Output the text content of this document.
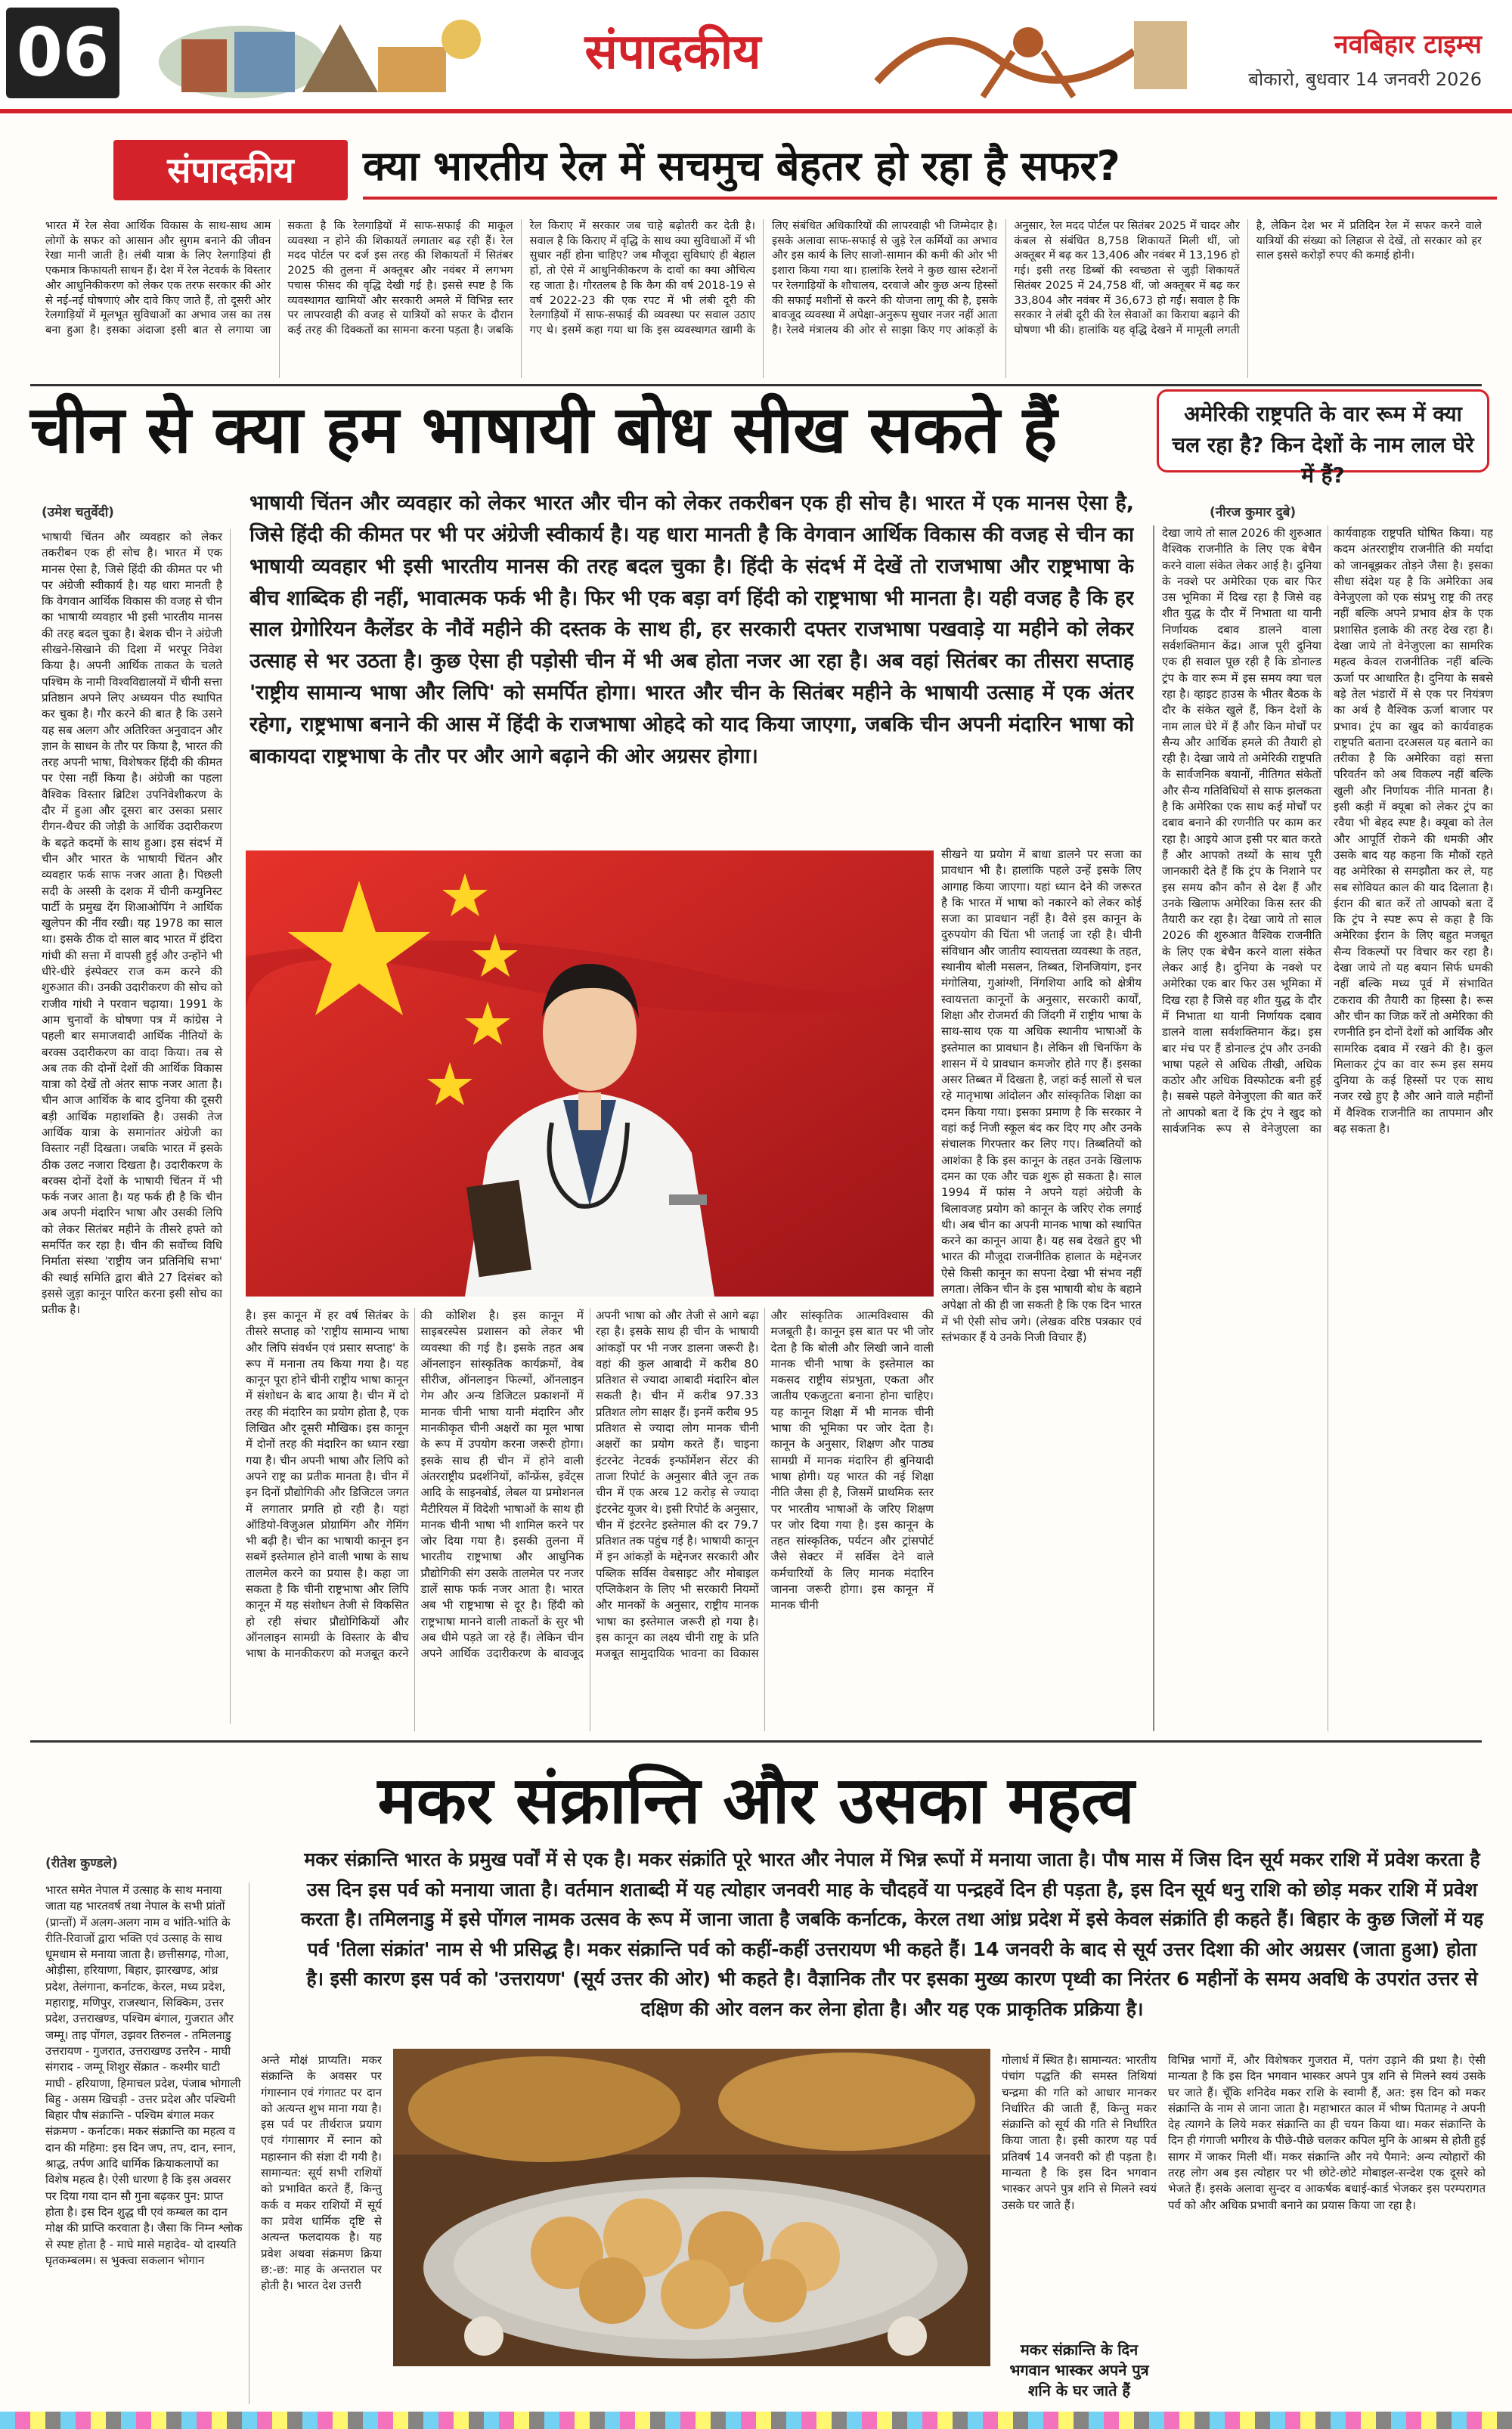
06	संपादकीय	नवबिहार टाइम्स
बोकारो, बुधवार 14 जनवरी 2026
संपादकीय	क्या भारतीय रेल में सचमुच बेहतर हो रहा है सफर?
भारत में रेल सेवा आर्थिक विकास के साथ-साथ आम लोगों के सफर को आसान और सुगम बनाने की जीवन रेखा मानी जाती है। लंबी यात्रा के लिए रेलगाड़ियां ही एकमात्र किफायती साधन हैं। देश में रेल नेटवर्क के विस्तार और आधुनिकीकरण को लेकर एक तरफ सरकार की ओर से नई-नई घोषणाएं और दावे किए जाते हैं, तो दूसरी ओर रेलगाड़ियों में मूलभूत सुविधाओं का अभाव जस का तस बना हुआ है। इसका अंदाजा इसी बात से लगाया जा सकता है कि रेलगाड़ियों में साफ-सफाई की माकूल व्यवस्था न होने की शिकायतें लगातार बढ़ रही हैं। रेल मदद पोर्टल पर दर्ज इस तरह की शिकायतों में सितंबर 2025 की तुलना में अक्तूबर और नवंबर में लगभग पचास फीसद की वृद्धि देखी गई है। इससे स्पष्ट है कि व्यवस्थागत खामियों और सरकारी अमले में विभिन्न स्तर पर लापरवाही की वजह से यात्रियों को सफर के दौरान कई तरह की दिक्कतों का सामना करना पड़ता है। जबकि रेल किराए में सरकार जब चाहे बढ़ोतरी कर देती है। सवाल है कि किराए में वृद्धि के साथ क्या सुविधाओं में भी सुधार नहीं होना चाहिए? जब मौजूदा सुविधाएं ही बेहाल हों, तो ऐसे में आधुनिकीकरण के दावों का क्या औचित्य रह जाता है। गौरतलब है कि कैग की वर्ष 2018-19 से वर्ष 2022-23 की एक रपट में भी लंबी दूरी की रेलगाड़ियों में साफ-सफाई की व्यवस्था पर सवाल उठाए गए थे। इसमें कहा गया था कि इस व्यवस्थागत खामी के लिए संबंधित अधिकारियों की लापरवाही भी जिम्मेदार है। इसके अलावा साफ-सफाई से जुड़े रेल कर्मियों का अभाव और इस कार्य के लिए साजो-सामान की कमी की ओर भी इशारा किया गया था। हालांकि रेलवे ने कुछ खास स्टेशनों पर रेलगाड़ियों के शौचालय, दरवाजे और कुछ अन्य हिस्सों की सफाई मशीनों से करने की योजना लागू की है, इसके बावजूद व्यवस्था में अपेक्षा-अनुरूप सुधार नजर नहीं आता है। रेलवे मंत्रालय की ओर से साझा किए गए आंकड़ों के अनुसार, रेल मदद पोर्टल पर सितंबर 2025 में चादर और कंबल से संबंधित 8,758 शिकायतें मिली थीं, जो अक्तूबर में बढ़ कर 13,406 और नवंबर में 13,196 हो गई। इसी तरह डिब्बों की स्वच्छता से जुड़ी शिकायतें सितंबर 2025 में 24,758 थीं, जो अक्तूबर में बढ़ कर 33,804 और नवंबर में 36,673 हो गईं। सवाल है कि सरकार ने लंबी दूरी की रेल सेवाओं का किराया बढ़ाने की घोषणा भी की। हालांकि यह वृद्धि देखने में मामूली लगती है, लेकिन देश भर में प्रतिदिन रेल में सफर करने वाले यात्रियों की संख्या को लिहाज से देखें, तो सरकार को हर साल इससे करोड़ों रुपए की कमाई होनी।
चीन से क्या हम भाषायी बोध सीख सकते हैं
(उमेश चतुर्वेदी)	भाषायी चिंतन और व्यवहार को लेकर भारत और चीन को लेकर तकरीबन एक ही सोच है। भारत में एक मानस ऐसा है, जिसे हिंदी की कीमत पर भी पर अंग्रेजी स्वीकार्य है। यह धारा मानती है कि वेगवान आर्थिक विकास की वजह से चीन का भाषायी व्यवहार भी इसी भारतीय मानस की तरह बदल चुका है। हिंदी के संदर्भ में देखें तो राजभाषा और राष्ट्रभाषा के बीच शाब्दिक ही नहीं, भावात्मक फर्क भी है। फिर भी एक बड़ा वर्ग हिंदी को राष्ट्रभाषा भी मानता है। यही वजह है कि हर साल ग्रेगोरियन कैलेंडर के नौवें महीने की दस्तक के साथ ही, हर सरकारी दफ्तर राजभाषा पखवाड़े या महीने को लेकर उत्साह से भर उठता है। कुछ ऐसा ही पड़ोसी चीन में भी अब होता नजर आ रहा है। अब वहां सितंबर का तीसरा सप्ताह 'राष्ट्रीय सामान्य भाषा और लिपि' को समर्पित होगा। भारत और चीन के सितंबर महीने के भाषायी उत्साह में एक अंतर रहेगा, राष्ट्रभाषा बनाने की आस में हिंदी के राजभाषा ओहदे को याद किया जाएगा, जबकि चीन अपनी मंदारिन भाषा को बाकायदा राष्ट्रभाषा के तौर पर और आगे बढ़ाने की ओर अग्रसर होगा।
भाषायी चिंतन और व्यवहार को लेकर तकरीबन एक ही सोच है। भारत में एक मानस ऐसा है, जिसे हिंदी की कीमत पर भी पर अंग्रेजी स्वीकार्य है। यह धारा मानती है कि वेगवान आर्थिक विकास की वजह से चीन का भाषायी व्यवहार भी इसी भारतीय मानस की तरह बदल चुका है। बेशक चीन ने अंग्रेजी सीखने-सिखाने की दिशा में भरपूर निवेश किया है। अपनी आर्थिक ताकत के चलते पश्चिम के नामी विश्वविद्यालयों में चीनी सत्ता प्रतिष्ठान अपने लिए अध्ययन पीठ स्थापित कर चुका है। गौर करने की बात है कि उसने यह सब अलग और अतिरिक्त अनुवादन और ज्ञान के साधन के तौर पर किया है, भारत की तरह अपनी भाषा, विशेषकर हिंदी की कीमत पर ऐसा नहीं किया है। अंग्रेजी का पहला वैश्विक विस्तार ब्रिटिश उपनिवेशीकरण के दौर में हुआ और दूसरा बार उसका प्रसार रीगन-थैचर की जोड़ी के आर्थिक उदारीकरण के बढ़ते कदमों के साथ हुआ। इस संदर्भ में चीन और भारत के भाषायी चिंतन और व्यवहार फर्क साफ नजर आता है। पिछली सदी के अस्सी के दशक में चीनी कम्युनिस्ट पार्टी के प्रमुख देंग शिआओपिंग ने आर्थिक खुलेपन की नींव रखी। यह 1978 का साल था। इसके ठीक दो साल बाद भारत में इंदिरा गांधी की सत्ता में वापसी हुई और उन्होंने भी धीरे-धीरे इंस्पेक्टर राज कम करने की शुरुआत की। उनकी उदारीकरण की सोच को राजीव गांधी ने परवान चढ़ाया। 1991 के आम चुनावों के घोषणा पत्र में कांग्रेस ने पहली बार समाजवादी आर्थिक नीतियों के बरक्स उदारीकरण का वादा किया। तब से अब तक की दोनों देशों की आर्थिक विकास यात्रा को देखें तो अंतर साफ नजर आता है। चीन आज आर्थिक के बाद दुनिया की दूसरी बड़ी आर्थिक महाशक्ति है। उसकी तेज आर्थिक यात्रा के समानांतर अंग्रेजी का विस्तार नहीं दिखता। जबकि भारत में इसके ठीक उलट नजारा दिखता है। उदारीकरण के बरक्स दोनों देशों के भाषायी चिंतन में भी फर्क नजर आता है। यह फर्क ही है कि चीन अब अपनी मंदारिन भाषा और उसकी लिपि को लेकर सितंबर महीने के तीसरे हफ्ते को समर्पित कर रहा है। चीन की सर्वोच्च विधि निर्माता संस्था 'राष्ट्रीय जन प्रतिनिधि सभा' की स्थाई समिति द्वारा बीते 27 दिसंबर को इससे जुड़ा कानून पारित करना इसी सोच का प्रतीक है।
सीखने या प्रयोग में बाधा डालने पर सजा का प्रावधान भी है। हालांकि पहले उन्हें इसके लिए आगाह किया जाएगा। यहां ध्यान देने की जरूरत है कि भारत में भाषा को नकारने को लेकर कोई सजा का प्रावधान नहीं है। वैसे इस कानून के दुरुपयोग की चिंता भी जताई जा रही है। चीनी संविधान और जातीय स्वायत्तता व्यवस्था के तहत, स्थानीय बोली मसलन, तिब्बत, शिनजियांग, इनर मंगोलिया, गुआंग्शी, निंगशिया आदि को क्षेत्रीय स्वायत्तता कानूनों के अनुसार, सरकारी कार्यों, शिक्षा और रोजमर्रा की जिंदगी में राष्ट्रीय भाषा के साथ-साथ एक या अधिक स्थानीय भाषाओं के इस्तेमाल का प्रावधान है। लेकिन शी चिनफिंग के शासन में ये प्रावधान कमजोर होते गए हैं। इसका असर तिब्बत में दिखता है, जहां कई सालों से चल रहे मातृभाषा आंदोलन और सांस्कृतिक शिक्षा का दमन किया गया। इसका प्रमाण है कि सरकार ने वहां कई निजी स्कूल बंद कर दिए गए और उनके संचालक गिरफ्तार कर लिए गए। तिब्बतियों को आशंका है कि इस कानून के तहत उनके खिलाफ दमन का एक और चक्र शुरू हो सकता है। साल 1994 में फांस ने अपने यहां अंग्रेजी के बिलावजह प्रयोग को कानून के जरिए रोक लगाई थी। अब चीन का अपनी मानक भाषा को स्थापित करने का कानून आया है। यह सब देखते हुए भी भारत की मौजूदा राजनीतिक हालात के मद्देनजर ऐसे किसी कानून का सपना देखा भी संभव नहीं लगता। लेकिन चीन के इस भाषायी बोध के बहाने अपेक्षा तो की ही जा सकती है कि एक दिन भारत में भी ऐसी सोच जगे। (लेखक वरिष्ठ पत्रकार एवं स्तंभकार हैं ये उनके निजी विचार हैं)
है। इस कानून में हर वर्ष सितंबर के तीसरे सप्ताह को 'राष्ट्रीय सामान्य भाषा और लिपि संवर्धन एवं प्रसार सप्ताह' के रूप में मनाना तय किया गया है। यह कानून पूरा होने चीनी राष्ट्रीय भाषा कानून में संशोधन के बाद आया है। चीन में दो तरह की मंदारिन का प्रयोग होता है, एक लिखित और दूसरी मौखिक। इस कानून में दोनों तरह की मंदारिन का ध्यान रखा गया है। चीन अपनी भाषा और लिपि को अपने राष्ट्र का प्रतीक मानता है। चीन में इन दिनों प्रौद्योगिकी और डिजिटल जगत में लगातार प्रगति हो रही है। यहां ऑडियो-विजुअल प्रोग्रामिंग और गेमिंग भी बढ़ी है। चीन का भाषायी कानून इन सबमें इस्तेमाल होने वाली भाषा के साथ तालमेल करने का प्रयास है। कहा जा सकता है कि चीनी राष्ट्रभाषा और लिपि कानून में यह संशोधन तेजी से विकसित हो रही संचार प्रौद्योगिकियों और ऑनलाइन सामग्री के विस्तार के बीच भाषा के मानकीकरण को मजबूत करने की कोशिश है। इस कानून में साइबरस्पेस प्रशासन को लेकर भी व्यवस्था की गई है। इसके तहत अब ऑनलाइन सांस्कृतिक कार्यक्रमों, वेब सीरीज, ऑनलाइन फिल्मों, ऑनलाइन गेम और अन्य डिजिटल प्रकाशनों में मानक चीनी भाषा यानी मंदारिन और मानकीकृत चीनी अक्षरों का मूल भाषा के रूप में उपयोग करना जरूरी होगा। इसके साथ ही चीन में होने वाली अंतरराष्ट्रीय प्रदर्शनियों, कॉन्फ्रेंस, इवेंट्स आदि के साइनबोर्ड, लेबल या प्रमोशनल मैटीरियल में विदेशी भाषाओं के साथ ही मानक चीनी भाषा भी शामिल करने पर जोर दिया गया है। इसकी तुलना में भारतीय राष्ट्रभाषा और आधुनिक प्रौद्योगिकी संग उसके तालमेल पर नजर डालें साफ फर्क नजर आता है। भारत अब भी राष्ट्रभाषा से दूर है। हिंदी को राष्ट्रभाषा मानने वाली ताकतों के सुर भी अब धीमे पड़ते जा रहे हैं। लेकिन चीन अपने आर्थिक उदारीकरण के बावजूद अपनी भाषा को और तेजी से आगे बढ़ा रहा है। इसके साथ ही चीन के भाषायी आंकड़ों पर भी नजर डालना जरूरी है। वहां की कुल आबादी में करीब 80 प्रतिशत से ज्यादा आबादी मंदारिन बोल सकती है। चीन में करीब 97.33 प्रतिशत लोग साक्षर हैं। इनमें करीब 95 प्रतिशत से ज्यादा लोग मानक चीनी अक्षरों का प्रयोग करते हैं। चाइना इंटरनेट नेटवर्क इन्फॉर्मेशन सेंटर की ताजा रिपोर्ट के अनुसार बीते जून तक चीन में एक अरब 12 करोड़ से ज्यादा इंटरनेट यूजर थे। इसी रिपोर्ट के अनुसार, चीन में इंटरनेट इस्तेमाल की दर 79.7 प्रतिशत तक पहुंच गई है। भाषायी कानून में इन आंकड़ों के मद्देनजर सरकारी और पब्लिक सर्विस वेबसाइट और मोबाइल एप्लिकेशन के लिए भी सरकारी नियमों और मानकों के अनुसार, राष्ट्रीय मानक भाषा का इस्तेमाल जरूरी हो गया है। इस कानून का लक्ष्य चीनी राष्ट्र के प्रति मजबूत सामुदायिक भावना का विकास और सांस्कृतिक आत्मविश्वास की मजबूती है। कानून इस बात पर भी जोर देता है कि बोली और लिखी जाने वाली मानक चीनी भाषा के इस्तेमाल का मकसद राष्ट्रीय संप्रभुता, एकता और जातीय एकजुटता बनाना होना चाहिए। यह कानून शिक्षा में भी मानक चीनी भाषा की भूमिका पर जोर देता है। कानून के अनुसार, शिक्षण और पाठ्य सामग्री में मानक मंदारिन ही बुनियादी भाषा होगी। यह भारत की नई शिक्षा नीति जैसा ही है, जिसमें प्राथमिक स्तर पर भारतीय भाषाओं के जरिए शिक्षण पर जोर दिया गया है। इस कानून के तहत सांस्कृतिक, पर्यटन और ट्रांसपोर्ट जैसे सेक्टर में सर्विस देने वाले कर्मचारियों के लिए मानक मंदारिन जानना जरूरी होगा। इस कानून में मानक चीनी
अमेरिकी राष्ट्रपति के वार रूम में क्या चल रहा है? किन देशों के नाम लाल घेरे में हैं?
(नीरज कुमार दुबे)
देखा जाये तो साल 2026 की शुरुआत वैश्विक राजनीति के लिए एक बेचैन करने वाला संकेत लेकर आई है। दुनिया के नक्शे पर अमेरिका एक बार फिर उस भूमिका में दिख रहा है जिसे वह शीत युद्ध के दौर में निभाता था यानी निर्णायक दबाव डालने वाला सर्वशक्तिमान केंद्र। आज पूरी दुनिया एक ही सवाल पूछ रही है कि डोनाल्ड ट्रंप के वार रूम में इस समय क्या चल रहा है। व्हाइट हाउस के भीतर बैठक के दौर के संकेत खुले हैं, किन देशों के नाम लाल घेरे में हैं और किन मोर्चों पर सैन्य और आर्थिक हमले की तैयारी हो रही है। देखा जाये तो अमेरिकी राष्ट्रपति के सार्वजनिक बयानों, नीतिगत संकेतों और सैन्य गतिविधियों से साफ झलकता है कि अमेरिका एक साथ कई मोर्चों पर दबाव बनाने की रणनीति पर काम कर रहा है। आइये आज इसी पर बात करते हैं और आपको तथ्यों के साथ पूरी जानकारी देते हैं कि ट्रंप के निशाने पर इस समय कौन कौन से देश हैं और उनके खिलाफ अमेरिका किस स्तर की तैयारी कर रहा है। देखा जाये तो साल 2026 की शुरुआत वैश्विक राजनीति के लिए एक बेचैन करने वाला संकेत लेकर आई है। दुनिया के नक्शे पर अमेरिका एक बार फिर उस भूमिका में दिख रहा है जिसे वह शीत युद्ध के दौर में निभाता था यानी निर्णायक दबाव डालने वाला सर्वशक्तिमान केंद्र। इस बार मंच पर हैं डोनाल्ड ट्रंप और उनकी भाषा पहले से अधिक तीखी, अधिक कठोर और अधिक विस्फोटक बनी हुई है। सबसे पहले वेनेजुएला की बात करें तो आपको बता दें कि ट्रंप ने खुद को सार्वजनिक रूप से वेनेजुएला का कार्यवाहक राष्ट्रपति घोषित किया। यह कदम अंतरराष्ट्रीय राजनीति की मर्यादा को जानबूझकर तोड़ने जैसा है। इसका सीधा संदेश यह है कि अमेरिका अब वेनेजुएला को एक संप्रभु राष्ट्र की तरह नहीं बल्कि अपने प्रभाव क्षेत्र के एक प्रशासित इलाके की तरह देख रहा है। देखा जाये तो वेनेजुएला का सामरिक महत्व केवल राजनीतिक नहीं बल्कि ऊर्जा पर आधारित है। दुनिया के सबसे बड़े तेल भंडारों में से एक पर नियंत्रण का अर्थ है वैश्विक ऊर्जा बाजार पर प्रभाव। ट्रंप का खुद को कार्यवाहक राष्ट्रपति बताना दरअसल यह बताने का तरीका है कि अमेरिका वहां सत्ता परिवर्तन को अब विकल्प नहीं बल्कि खुली और निर्णायक नीति मानता है। इसी कड़ी में क्यूबा को लेकर ट्रंप का रवैया भी बेहद स्पष्ट है। क्यूबा को तेल और आपूर्ति रोकने की धमकी और उसके बाद यह कहना कि मौकों रहते वह अमेरिका से समझौता कर ले, यह सब सोवियत काल की याद दिलाता है। ईरान की बात करें तो आपको बता दें कि ट्रंप ने स्पष्ट रूप से कहा है कि अमेरिका ईरान के लिए बहुत मजबूत सैन्य विकल्पों पर विचार कर रहा है। देखा जाये तो यह बयान सिर्फ धमकी नहीं बल्कि मध्य पूर्व में संभावित टकराव की तैयारी का हिस्सा है। रूस और चीन का जिक्र करें तो अमेरिका की रणनीति इन दोनों देशों को आर्थिक और सामरिक दबाव में रखने की है। कुल मिलाकर ट्रंप का वार रूम इस समय दुनिया के कई हिस्सों पर एक साथ नजर रखे हुए है और आने वाले महीनों में वैश्विक राजनीति का तापमान और बढ़ सकता है।
मकर संक्रान्ति और उसका महत्व
(रीतेश कुण्डले)	मकर संक्रान्ति भारत के प्रमुख पर्वों में से एक है। मकर संक्रांति पूरे भारत और नेपाल में भिन्न रूपों में मनाया जाता है। पौष मास में जिस दिन सूर्य मकर राशि में प्रवेश करता है उस दिन इस पर्व को मनाया जाता है। वर्तमान शताब्दी में यह त्योहार जनवरी माह के चौदहवें या पन्द्रहवें दिन ही पड़ता है, इस दिन सूर्य धनु राशि को छोड़ मकर राशि में प्रवेश करता है। तमिलनाडु में इसे पोंगल नामक उत्सव के रूप में जाना जाता है जबकि कर्नाटक, केरल तथा आंध्र प्रदेश में इसे केवल संक्रांति ही कहते हैं। बिहार के कुछ जिलों में यह पर्व 'तिला संक्रांत' नाम से भी प्रसिद्ध है। मकर संक्रान्ति पर्व को कहीं-कहीं उत्तरायण भी कहते हैं। 14 जनवरी के बाद से सूर्य उत्तर दिशा की ओर अग्रसर (जाता हुआ) होता है। इसी कारण इस पर्व को 'उत्तरायण' (सूर्य उत्तर की ओर) भी कहते है। वैज्ञानिक तौर पर इसका मुख्य कारण पृथ्वी का निरंतर 6 महीनों के समय अवधि के उपरांत उत्तर से दक्षिण की ओर वलन कर लेना होता है। और यह एक प्राकृतिक प्रक्रिया है।
भारत समेत नेपाल में उत्साह के साथ मनाया जाता यह भारतवर्ष तथा नेपाल के सभी प्रांतों (प्रान्तों) में अलग-अलग नाम व भांति-भांति के रीति-रिवाजों द्वारा भक्ति एवं उत्साह के साथ धूमधाम से मनाया जाता है। छत्तीसगढ़, गोआ, ओड़ीसा, हरियाणा, बिहार, झारखण्ड, आंध्र प्रदेश, तेलंगाना, कर्नाटक, केरल, मध्य प्रदेश, महाराष्ट्र, मणिपुर, राजस्थान, सिक्किम, उत्तर प्रदेश, उत्तराखण्ड, पश्चिम बंगाल, गुजरात और जम्मू। ताइ पोंगल, उझवर तिरुनल - तमिलनाडु उत्तरायण - गुजरात, उत्तराखण्ड उत्तरैन - माघी संगराद - जम्मू शिशुर सेंक्रात - कश्मीर घाटी माघी - हरियाणा, हिमाचल प्रदेश, पंजाब भोगाली बिहु - असम खिचड़ी - उत्तर प्रदेश और पश्चिमी बिहार पौष संक्रान्ति - पश्चिम बंगाल मकर संक्रमण - कर्नाटक। मकर संक्रान्ति का महत्व व दान की महिमा: इस दिन जप, तप, दान, स्नान, श्राद्ध, तर्पण आदि धार्मिक क्रियाकलापों का विशेष महत्व है। ऐसी धारणा है कि इस अवसर पर दिया गया दान सौ गुना बढ़कर पुन: प्राप्त होता है। इस दिन शुद्ध घी एवं कम्बल का दान मोक्ष की प्राप्ति करवाता है। जैसा कि निम्न श्लोक से स्पष्ट होता है - माघे मासे महादेव- यो दास्यति घृतकम्बलम। स भुक्त्वा सकलान भोगान
अन्ते मोक्षं प्राप्यति। मकर संक्रान्ति के अवसर पर गंगास्नान एवं गंगातट पर दान को अत्यन्त शुभ माना गया है। इस पर्व पर तीर्थराज प्रयाग एवं गंगासागर में स्नान को महास्नान की संज्ञा दी गयी है। सामान्यत: सूर्य सभी राशियों को प्रभावित करते हैं, किन्तु कर्क व मकर राशियों में सूर्य का प्रवेश धार्मिक दृष्टि से अत्यन्त फलदायक है। यह प्रवेश अथवा संक्रमण क्रिया छ:-छ: माह के अन्तराल पर होती है। भारत देश उत्तरी
गोलार्ध में स्थित है। सामान्यत: भारतीय पंचांग पद्धति की समस्त तिथियां चन्द्रमा की गति को आधार मानकर निर्धारित की जाती हैं, किन्तु मकर संक्रान्ति को सूर्य की गति से निर्धारित किया जाता है। इसी कारण यह पर्व प्रतिवर्ष 14 जनवरी को ही पड़ता है। मान्यता है कि इस दिन भगवान भास्कर अपने पुत्र शनि से मिलने स्वयं उसके घर जाते हैं।
मकर संक्रान्ति के दिन भगवान भास्कर अपने पुत्र शनि के घर जाते हैं
विभिन्न भागों में, और विशेषकर गुजरात में, पतंग उड़ाने की प्रथा है। ऐसी मान्यता है कि इस दिन भगवान भास्कर अपने पुत्र शनि से मिलने स्वयं उसके घर जाते हैं। चूँकि शनिदेव मकर राशि के स्वामी हैं, अत: इस दिन को मकर संक्रान्ति के नाम से जाना जाता है। महाभारत काल में भीष्म पितामह ने अपनी देह त्यागने के लिये मकर संक्रान्ति का ही चयन किया था। मकर संक्रान्ति के दिन ही गंगाजी भगीरथ के पीछे-पीछे चलकर कपिल मुनि के आश्रम से होती हुई सागर में जाकर मिली थीं। मकर संक्रान्ति और नये पैमाने: अन्य त्योहारों की तरह लोग अब इस त्योहार पर भी छोटे-छोटे मोबाइल-सन्देश एक दूसरे को भेजते हैं। इसके अलावा सुन्दर व आकर्षक बधाई-कार्ड भेजकर इस परम्परागत पर्व को और अधिक प्रभावी बनाने का प्रयास किया जा रहा है।
